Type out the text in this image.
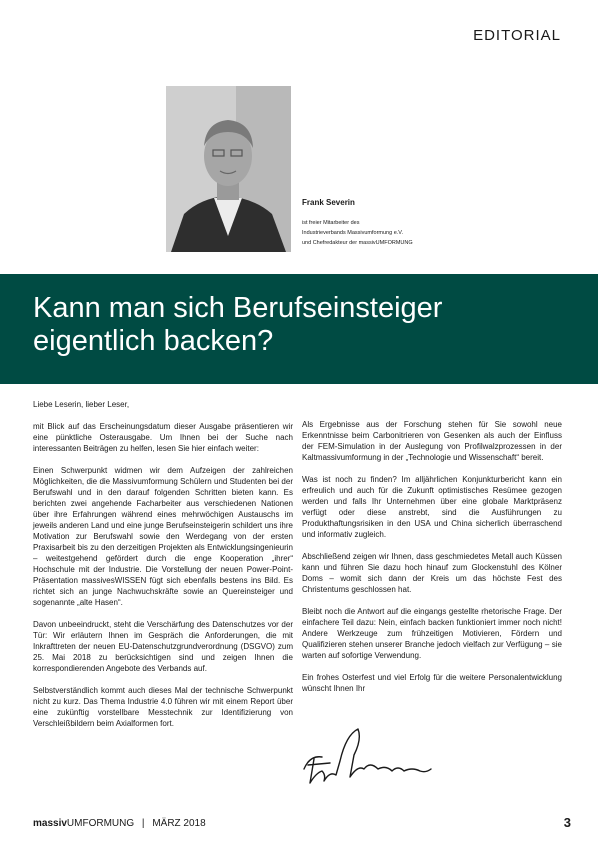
EDITORIAL
Frank Severin
ist freier Mitarbeiter des
Industrieverbands Massivumformung e.V.
und Chefredakteur der massivUMFORMUNG
Kann man sich Berufseinsteiger
eigentlich backen?

Liebe Leserin, lieber Leser,

mit Blick auf das Erscheinungsdatum dieser Ausgabe präsentieren wir eine pünktliche Osterausgabe. Um Ihnen bei der Suche nach interessanten Beiträgen zu helfen, lesen Sie hier einfach weiter:

Einen Schwerpunkt widmen wir dem Aufzeigen der zahlreichen Möglichkeiten, die die Massivumformung Schülern und Studenten bei der Berufswahl und in den darauf folgenden Schritten bieten kann. Es berichten zwei angehende Facharbeiter aus verschiedenen Nationen über ihre Erfahrungen während eines mehrwöchigen Austauschs im jeweils anderen Land und eine junge Berufseinsteigerin schildert uns ihre Motivation zur Berufswahl sowie den Werdegang von der ersten Praxisarbeit bis zu den derzeitigen Projekten als Entwicklungsingenieurin – weitestgehend gefördert durch die enge Kooperation „ihrer“ Hochschule mit der Industrie. Die Vorstellung der neuen Power-Point-Präsentation massivesWISSEN fügt sich ebenfalls bestens ins Bild. Es richtet sich an junge Nachwuchskräfte sowie an Quereinsteiger und sogenannte „alte Hasen“.

Davon unbeeindruckt, steht die Verschärfung des Datenschutzes vor der Tür: Wir erläutern Ihnen im Gespräch die Anforderungen, die mit Inkrafttreten der neuen EU-Datenschutzgrundverordnung (DSGVO) zum 25. Mai 2018 zu berücksichtigen sind und zeigen Ihnen die korrespondierenden Angebote des Verbands auf.

Selbstverständlich kommt auch dieses Mal der technische Schwerpunkt nicht zu kurz. Das Thema Industrie 4.0 führen wir mit einem Report über eine zukünftig vorstellbare Messtechnik zur Identifizierung von Verschleißbildern beim Axialformen fort.

Als Ergebnisse aus der Forschung stehen für Sie sowohl neue Erkenntnisse beim Carbonitrieren von Gesenken als auch der Einfluss der FEM-Simulation in der Auslegung von Profilwalzprozessen in der Kaltmassivumformung in der „Technologie und Wissenschaft“ bereit.

Was ist noch zu finden? Im alljährlichen Konjunkturbericht kann ein erfreulich und auch für die Zukunft optimistisches Resümee gezogen werden und falls Ihr Unternehmen über eine globale Marktpräsenz verfügt oder diese anstrebt, sind die Ausführungen zu Produkthaftungsrisiken in den USA und China sicherlich überraschend und informativ zugleich.

Abschließend zeigen wir Ihnen, dass geschmiedetes Metall auch Küssen kann und führen Sie dazu hoch hinauf zum Glockenstuhl des Kölner Doms – womit sich dann der Kreis um das höchste Fest des Christentums geschlossen hat.

Bleibt noch die Antwort auf die eingangs gestellte rhetorische Frage. Der einfachere Teil dazu: Nein, einfach backen funktioniert immer noch nicht! Andere Werkzeuge zum frühzeitigen Motivieren, Fördern und Qualifizieren stehen unserer Branche jedoch vielfach zur Verfügung – sie warten auf sofortige Verwendung.

Ein frohes Osterfest und viel Erfolg für die weitere Personalentwicklung wünscht Ihnen Ihr

massivUMFORMUNG | MÄRZ 2018	3
